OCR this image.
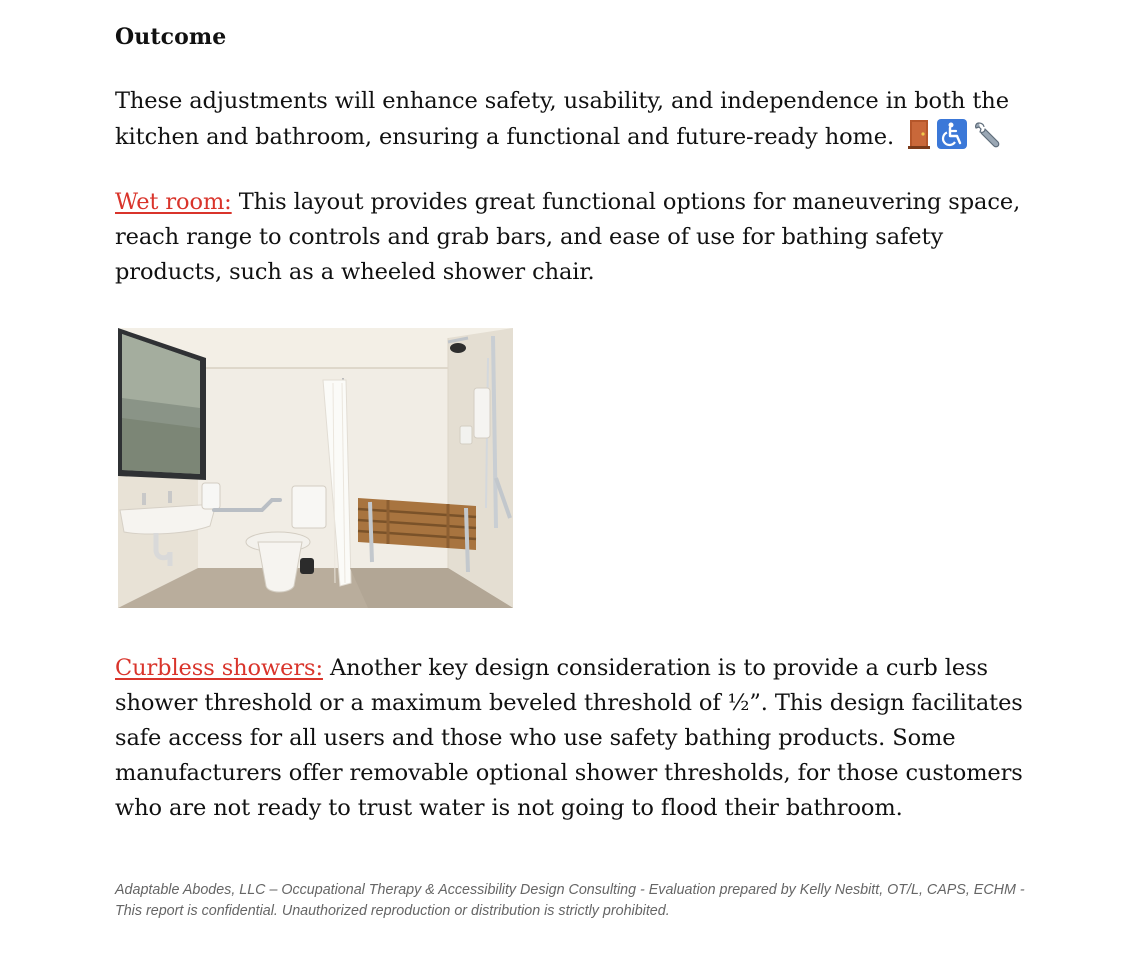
Outcome
These adjustments will enhance safety, usability, and independence in both the kitchen and bathroom, ensuring a functional and future-ready home.
Wet room: This layout provides great functional options for maneuvering space, reach range to controls and grab bars, and ease of use for bathing safety products, such as a wheeled shower chair.
Curbless showers: Another key design consideration is to provide a curb less shower threshold or a maximum beveled threshold of ½”. This design facilitates safe access for all users and those who use safety bathing products. Some manufacturers offer removable optional shower thresholds, for those customers who are not ready to trust water is not going to flood their bathroom.
Adaptable Abodes, LLC – Occupational Therapy & Accessibility Design Consulting - Evaluation prepared by Kelly Nesbitt, OT/L, CAPS, ECHM - This report is confidential. Unauthorized reproduction or distribution is strictly prohibited.
